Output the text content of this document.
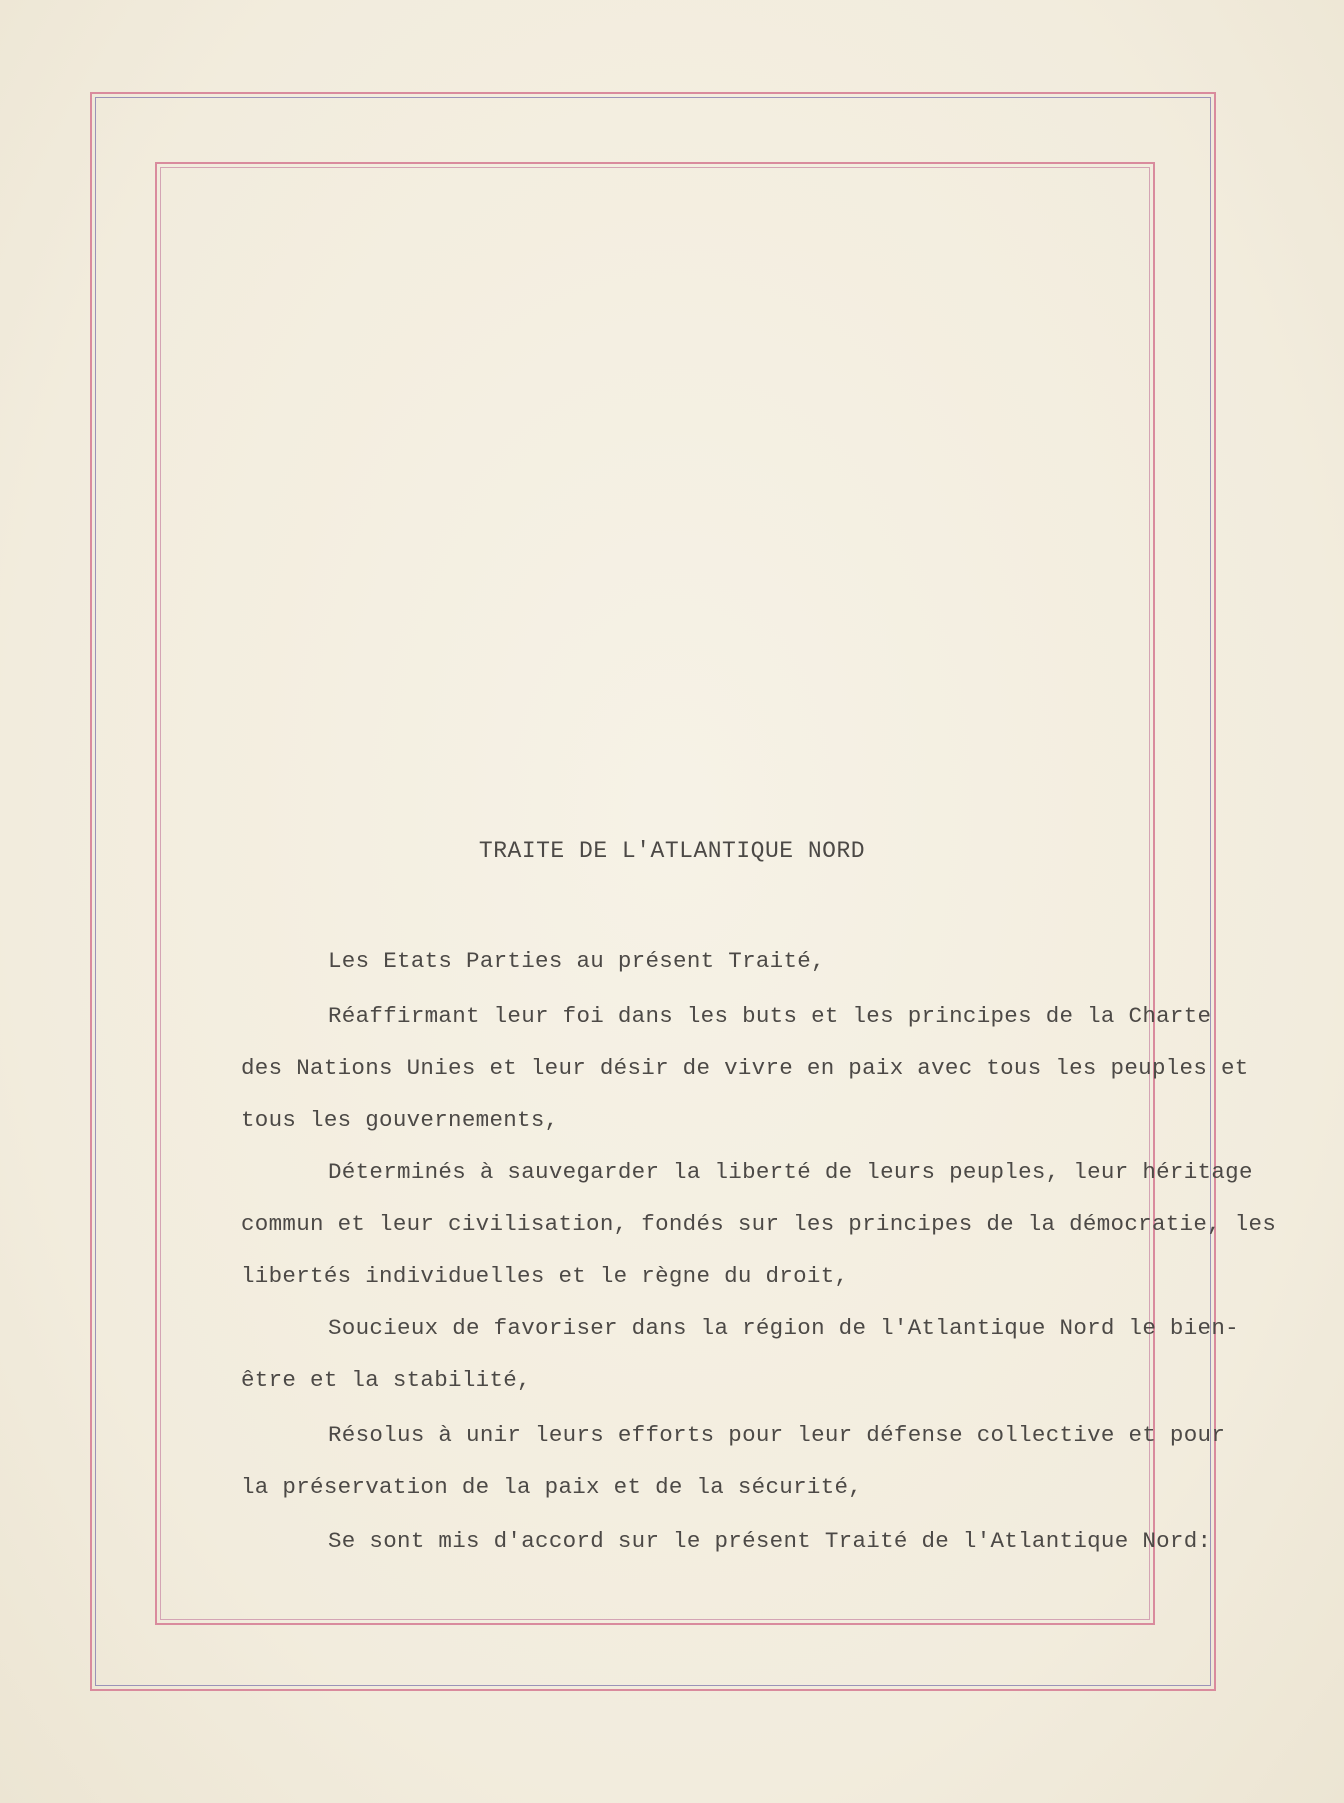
TRAITE DE L'ATLANTIQUE NORD
Les Etats Parties au présent Traité,
Réaffirmant leur foi dans les buts et les principes de la Charte
des Nations Unies et leur désir de vivre en paix avec tous les peuples et
tous les gouvernements,
Déterminés à sauvegarder la liberté de leurs peuples, leur héritage
commun et leur civilisation, fondés sur les principes de la démocratie, les
libertés individuelles et le règne du droit,
Soucieux de favoriser dans la région de l'Atlantique Nord le bien-
être et la stabilité,
Résolus à unir leurs efforts pour leur défense collective et pour
la préservation de la paix et de la sécurité,
Se sont mis d'accord sur le présent Traité de l'Atlantique Nord:
